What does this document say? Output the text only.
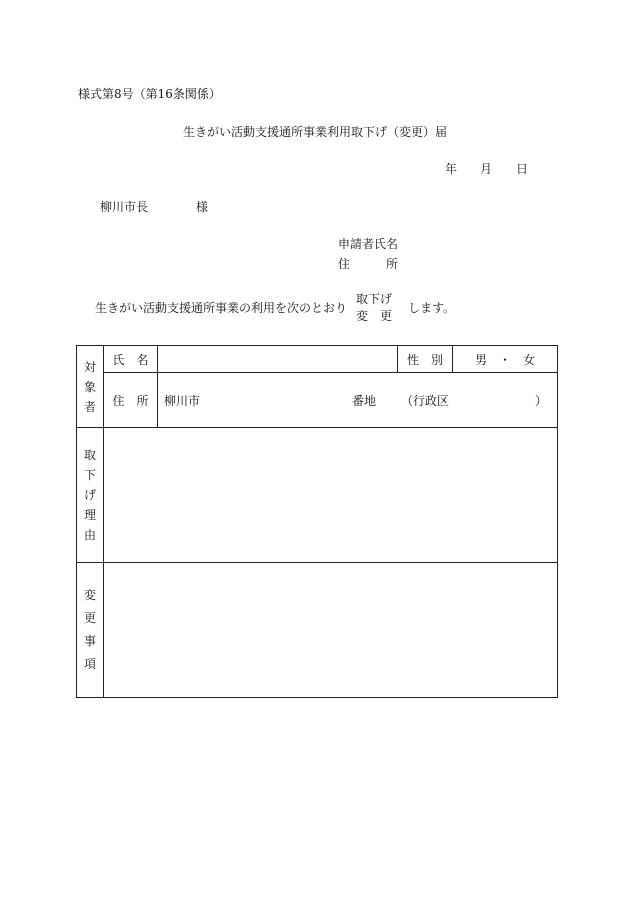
様式第8号（第16条関係）
生きがい活動支援通所事業利用取下げ（変更）届
年 月 日
柳川市長	様
申請者氏名
住	所
生きがい活動支援通所事業の利用を次のとおり
取下げ
変　更
します。
対
象
者	氏　名		性　別	男　・　女
	住　所	柳川市 番地 （行政区 ）		

取
下
げ
理
由				

変
更
事
項				
